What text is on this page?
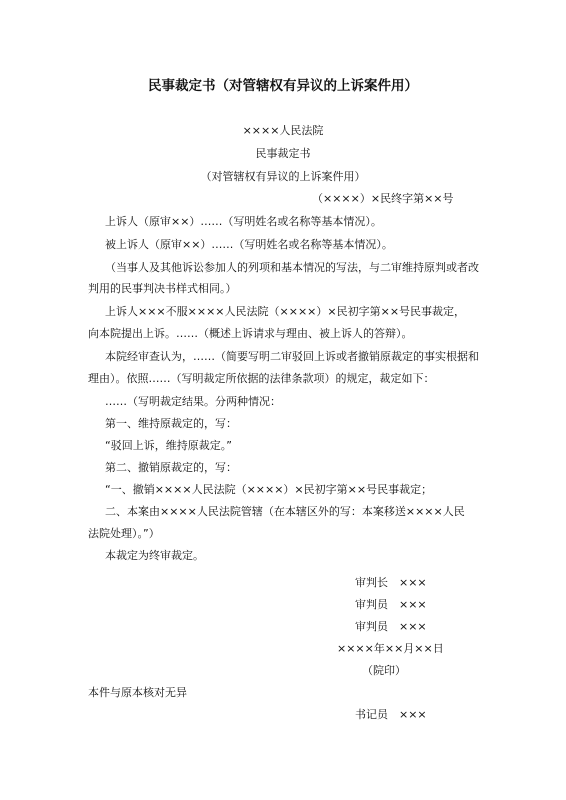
民事裁定书（对管辖权有异议的上诉案件用）
××××人民法院
民事裁定书
（对管辖权有异议的上诉案件用）
（××××）×民终字第××号
上诉人（原审××）……（写明姓名或名称等基本情况）。
被上诉人（原审××）……（写明姓名或名称等基本情况）。
（当事人及其他诉讼参加人的列项和基本情况的写法，与二审维持原判或者改
判用的民事判决书样式相同。）
上诉人×××不服××××人民法院（××××）×民初字第××号民事裁定，
向本院提出上诉。……（概述上诉请求与理由、被上诉人的答辩）。
本院经审查认为，……（简要写明二审驳回上诉或者撤销原裁定的事实根据和
理由）。依照……（写明裁定所依据的法律条款项）的规定，裁定如下：
……（写明裁定结果。分两种情况：
第一、维持原裁定的，写：
“驳回上诉，维持原裁定。”
第二、撤销原裁定的，写：
“一、撤销××××人民法院（××××）×民初字第××号民事裁定；
二、本案由××××人民法院管辖（在本辖区外的写：本案移送××××人民
法院处理）。”）
本裁定为终审裁定。
审判长　×××
审判员　×××
审判员　×××
××××年××月××日
（院印）
本件与原本核对无异
书记员　×××
